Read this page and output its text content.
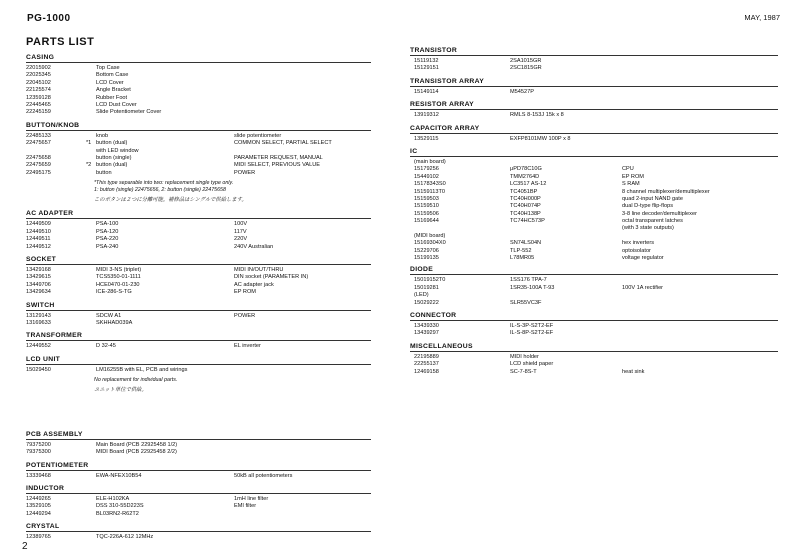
PG-1000	MAY, 1987
PARTS LIST
CASING
22015902	Top Case
22025345	Bottom Case
22045102	LCD Cover
22125574	Angle Bracket
12359128	Rubber Foot
22445465	LCD Dust Cover
22245159	Slide Potentiometer Cover
BUTTON/KNOB
22485133	knob	slide potentiometer
22475657	*1 button (dual)	COMMON SELECT, PARTIAL SELECT
with LED window
22475658	button (single)	PARAMETER REQUEST, MANUAL
22475659	*2 button (dual)	MIDI SELECT, PREVIOUS VALUE
22495175	button	POWER
*This type separable into two: replacement single type only.
1: button (single) 22475656, 2: button (single) 22475658
このボタンは２つに分離可能。補修品はシングルで供給します。
AC ADAPTER
12449509	PSA-100	100V
12449510	PSA-120	117V
12449511	PSA-220	220V
12449512	PSA-240	240V Australian
SOCKET
13429168	MIDI 3-NS (triplet)	MIDI IN/OUT/THRU
13429615	TCS5350-01-1111	DIN socket (PARAMETER IN)
13449706	HCE0470-01-230	AC adapter jack
13429634	ICE-286-S-TG	EP ROM
SWITCH
13129143	SDCW A1	POWER
13169633	SKHHAD039A
TRANSFORMER
12449552	D 32-45	EL inverter
LCD UNIT
15029450	LM16255B with EL, PCB and wirings
No replacement for individual parts.
ユニット単位で供給。
PCB ASSEMBLY
79375200	Main Board (PCB 22925458 1/2)
79375300	MIDI Board (PCB 22925458 2/2)
POTENTIOMETER
13339468	EWA-NFEX10B54	50kB all potentiometers
INDUCTOR
12449265	ELE-H102KA	1mH line filter
13529105	DSS 310-55D223S	EMI filter
12449294	BL03RN2-R62T2
CRYSTAL
12389765	TQC-226A-612 12MHz
TRANSISTOR
15119132	2SA1015GR
15129151	2SC1815GR
TRANSISTOR ARRAY
15149114	M54527P
RESISTOR ARRAY
13919312	RMLS 8-153J 15k x 8
CAPACITOR ARRAY
13529115	EXFP8101MW 100P x 8
IC
(main board)
15179256	μPD78C10G	CPU
15449102	TMM2764D	EP ROM
15178343S0	LC3517 AS-12	S RAM
15159113T0	TC4051BP	8 channel multiplexer/demultiplexer
15159503	TC40H000P	quad 2-input NAND gate
15159510	TC40H074P	dual D-type flip-flops
15159506	TC40H138P	3-8 line decoder/demultiplexer
15169644	TC74HC573P	octal transparent latches
(with 3 state outputs)
(MIDI board)
15169304X0	SN74LS04N	hex inverters
15229706	TLP-552	optoisolator
15199135	L78MR05	voltage regulator
DIODE
15019152T0	1SS176 TPA-7
15019281	1SR35-100A T-93	100V 1A rectifier
(LED)
15029222	SLR55VC3F
CONNECTOR
13439330	IL-S-3P-S2T2-EF
13439297	IL-S-8P-S2T2-EF
MISCELLANEOUS
22195889	MIDI holder
22255137	LCD shield paper
12469158	SC-7-8S-T	heat sink
2
